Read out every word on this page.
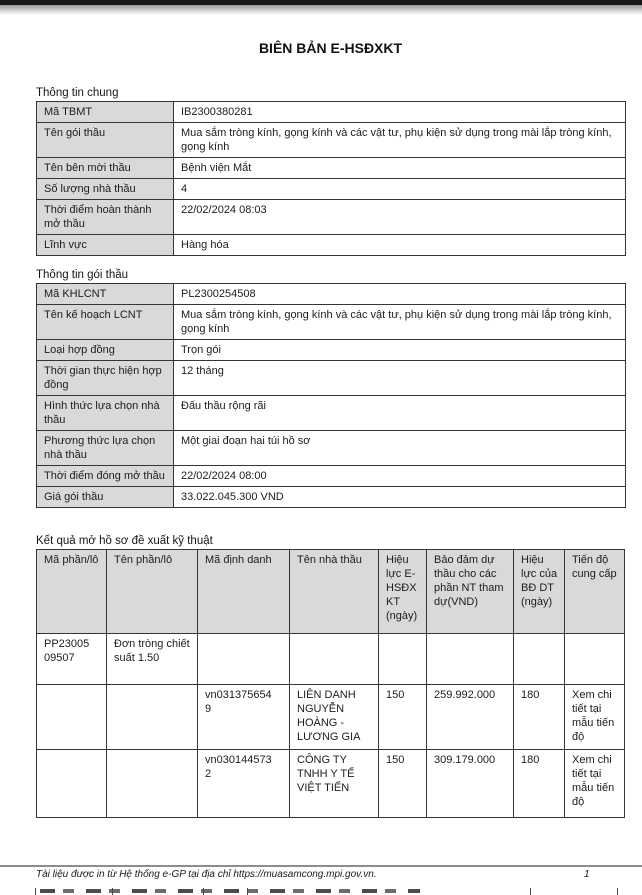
BIÊN BẢN E-HSĐXKT
Thông tin chung
Mã TBMT	IB2300380281
Tên gói thầu	Mua sắm tròng kính, gọng kính và các vật tư, phụ kiện sử dụng trong mài lắp tròng kính, gọng kính
Tên bên mời thầu	Bệnh viện Mắt
Số lượng nhà thầu	4
Thời điểm hoàn thành mở thầu	22/02/2024 08:03
Lĩnh vực	Hàng hóa
Thông tin gói thầu
Mã KHLCNT	PL2300254508
Tên kế hoạch LCNT	Mua sắm tròng kính, gọng kính và các vật tư, phụ kiện sử dụng trong mài lắp tròng kính, gọng kính
Loại hợp đồng	Trọn gói
Thời gian thực hiện hợp đồng	12 tháng
Hình thức lựa chọn nhà thầu	Đấu thầu rộng rãi
Phương thức lựa chọn nhà thầu	Một giai đoạn hai túi hồ sơ
Thời điểm đóng mở thầu	22/02/2024 08:00
Giá gói thầu	33.022.045.300 VND
Kết quả mở hồ sơ đề xuất kỹ thuật
Mã phần/lô	Tên phần/lô	Mã định danh	Tên nhà thầu	Hiệu lực E-HSĐXKT (ngày)	Bảo đảm dự thầu cho các phần NT tham dự(VND)	Hiệu lực của BĐ DT (ngày)	Tiến độ cung cấp
PP2300509507	Đơn tròng chiết suất 1.50						
		vn0313756549	LIÊN DANH NGUYỄN HOÀNG - LƯƠNG GIA	150	259.992.000	180	Xem chi tiết tại mẫu tiến độ
		vn0301445732	CÔNG TY TNHH Y TẾ VIỆT TIẾN	150	309.179.000	180	Xem chi tiết tại mẫu tiến độ
Tài liệu được in từ Hệ thống e-GP tại địa chỉ https://muasamcong.mpi.gov.vn.	1
